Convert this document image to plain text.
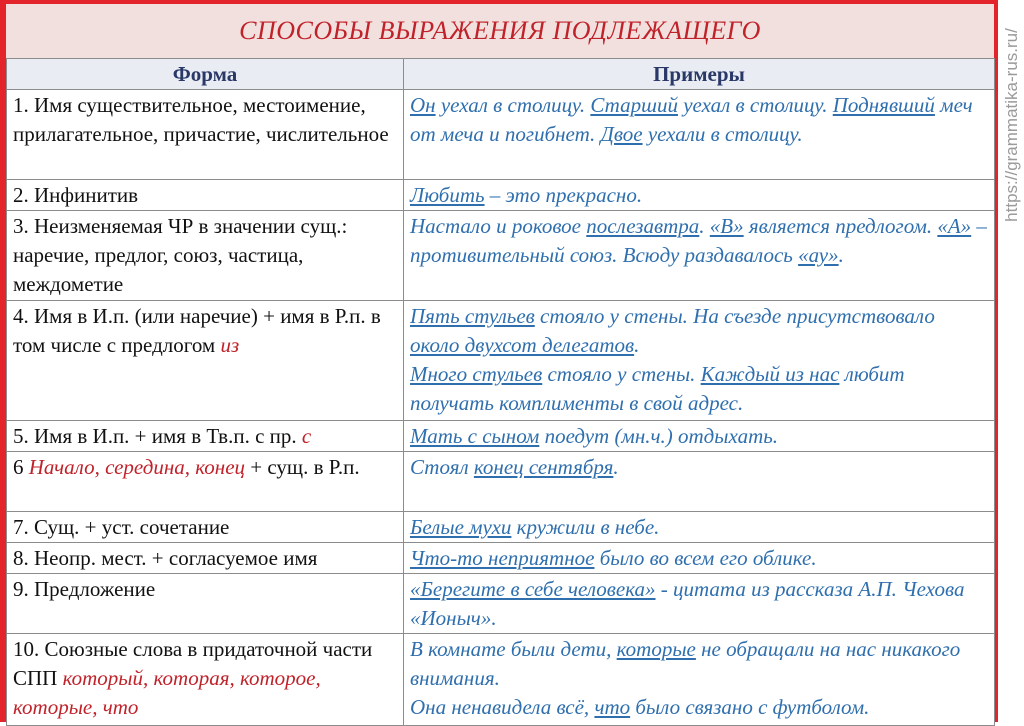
СПОСОБЫ ВЫРАЖЕНИЯ ПОДЛЕЖАЩЕГО	https://grammatika-rus.ru/
Форма	Примеры
1. Имя существительное, местоимение, прилагательное, причастие, числительное	Он уехал в столицу. Старший уехал в столицу. Поднявший меч от меча и погибнет. Двое уехали в столицу.
2. Инфинитив	Любить – это прекрасно.
3. Неизменяемая ЧР в значении сущ.: наречие, предлог, союз, частица, междометие	Настало и роковое послезавтра. «В» является предлогом. «А» – противительный союз. Всюду раздавалось «ау».
4. Имя в И.п. (или наречие) + имя в Р.п. в том числе с предлогом из	Пять стульев стояло у стены. На съезде присутствовало около двухсот делегатов.
Много стульев стояло у стены. Каждый из нас любит получать комплименты в свой адрес.
5. Имя в И.п. + имя в Тв.п. с пр. с	Мать с сыном поедут (мн.ч.) отдыхать.
6 Начало, середина, конец + сущ. в Р.п.	Стоял конец сентября.
7. Сущ. + уст. сочетание	Белые мухи кружили в небе.
8. Неопр. мест. + согласуемое имя	Что-то неприятное было во всем его облике.
9. Предложение	«Берегите в себе человека» - цитата из рассказа А.П. Чехова «Ионыч».
10. Союзные слова в придаточной части СПП который, которая, которое, которые, что	В комнате были дети, которые не обращали на нас никакого внимания.
Она ненавидела всё, что было связано с футболом.
